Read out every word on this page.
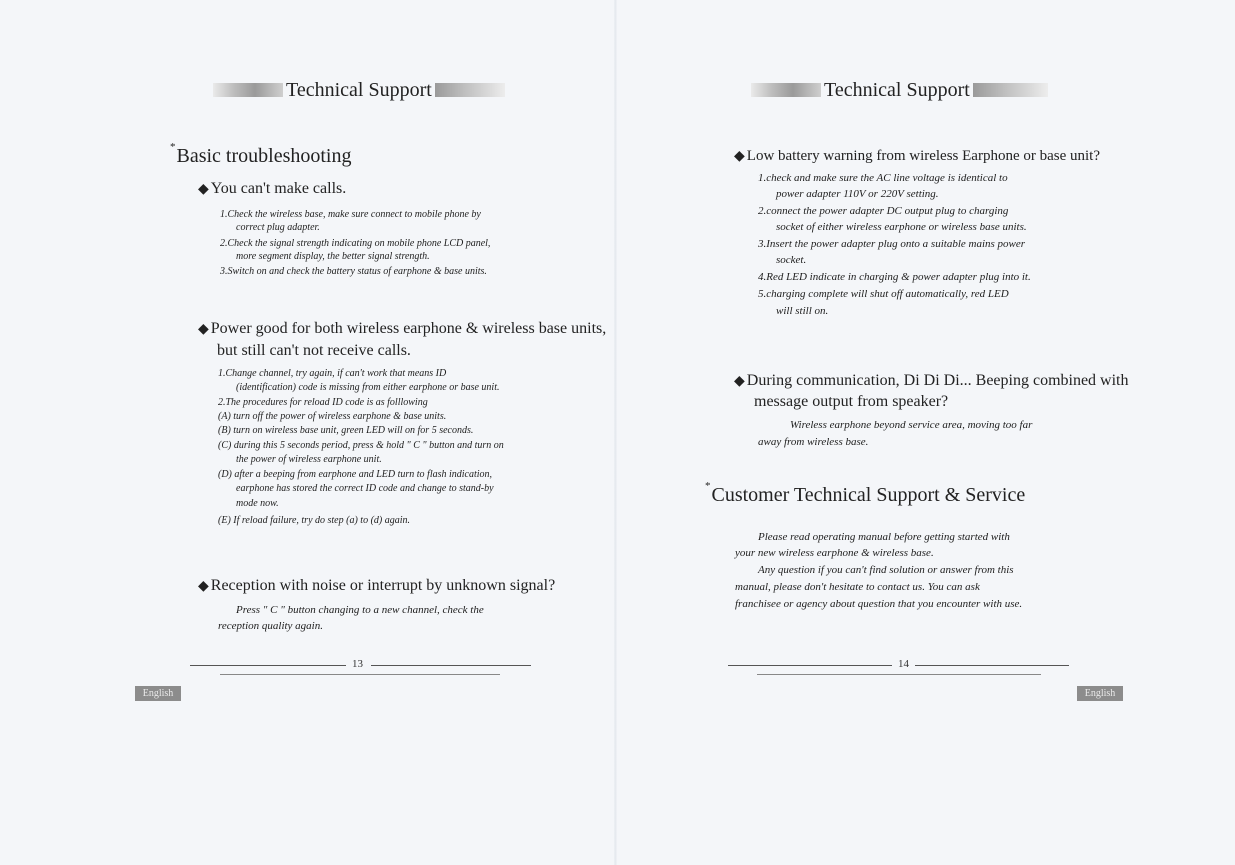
Technical Support
*Basic troubleshooting
◆ You can't make calls.
1.Check the wireless base, make sure connect to mobile phone by
correct plug adapter.
2.Check the signal strength indicating on mobile phone LCD panel,
more segment display, the better signal strength.
3.Switch on and check the battery status of earphone & base units.
◆ Power good for both wireless earphone & wireless base units,
but still can't not receive calls.
1.Change channel, try again, if can't work that means ID
(identification) code is missing from either earphone or base unit.
2.The procedures for reload ID code is as folllowing
(A) turn off the power of wireless earphone & base units.
(B) turn on wireless base unit, green LED will on for 5 seconds.
(C) during this 5 seconds period, press & hold " C " button and turn on
the power of wireless earphone unit.
(D) after a beeping from earphone and LED turn to flash indication,
earphone has stored the correct ID code and change to stand-by
mode now.
(E) If reload failure, try do step (a) to (d) again.
◆ Reception with noise or interrupt by unknown signal?
Press " C " button changing to a new channel, check the
reception quality again.
13
English
Technical Support
◆ Low battery warning from wireless Earphone or base unit?
1.check and make sure the AC line voltage is identical to
power adapter 110V or 220V setting.
2.connect the power adapter DC output plug to charging
socket of either wireless earphone or wireless base units.
3.Insert the power adapter plug onto a suitable mains power
socket.
4.Red LED indicate in charging & power adapter plug into it.
5.charging complete will shut off automatically, red LED
will still on.
◆ During communication, Di Di Di... Beeping combined with
message output from speaker?
Wireless earphone beyond service area, moving too far
away from wireless base.
*Customer Technical Support & Service
Please read operating manual before getting started with
your new wireless earphone & wireless base.
Any question if you can't find solution or answer from this
manual, please don't hesitate to contact us. You can ask
franchisee or agency about question that you encounter with use.
14
English
